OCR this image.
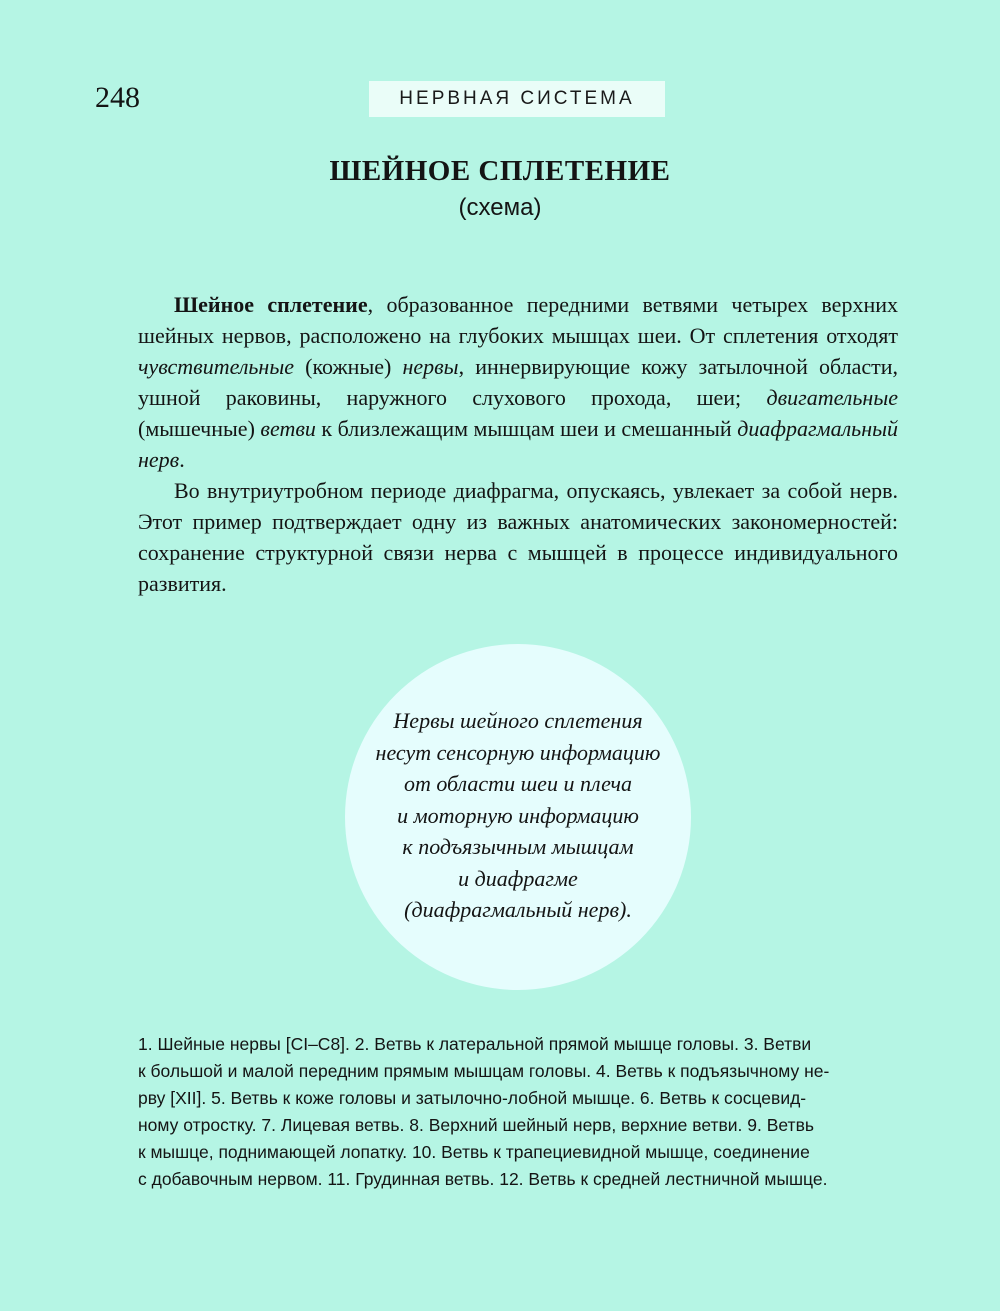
248	НЕРВНАЯ СИСТЕМА
ШЕЙНОЕ СПЛЕТЕНИЕ
(схема)

Шейное сплетение, образованное передними ветвями четырех верхних шейных нервов, расположено на глубоких мышцах шеи. От сплетения отходят чувствительные (кожные) нервы, иннервирующие кожу затылочной области, ушной раковины, наружного слухового прохода, шеи; двигательные (мышечные) ветви к близлежащим мышцам шеи и смешанный диафрагмальный нерв.

Во внутриутробном периоде диафрагма, опускаясь, увлекает за собой нерв. Этот пример подтверждает одну из важных анатомических закономерностей: сохранение структурной связи нерва с мышцей в процессе индивидуального развития.

Нервы шейного сплетения
несут сенсорную информацию
от области шеи и плеча
и моторную информацию
к подъязычным мышцам
и диафрагме
(диафрагмальный нерв).
1. Шейные нервы [CI–C8]. 2. Ветвь к латеральной прямой мышце головы. 3. Ветви
к большой и малой передним прямым мышцам головы. 4. Ветвь к подъязычному не-
рву [XII]. 5. Ветвь к коже головы и затылочно-лобной мышце. 6. Ветвь к сосцевид-
ному отростку. 7. Лицевая ветвь. 8. Верхний шейный нерв, верхние ветви. 9. Ветвь
к мышце, поднимающей лопатку. 10. Ветвь к трапециевидной мышце, соединение
с добавочным нервом. 11. Грудинная ветвь. 12. Ветвь к средней лестничной мышце.
